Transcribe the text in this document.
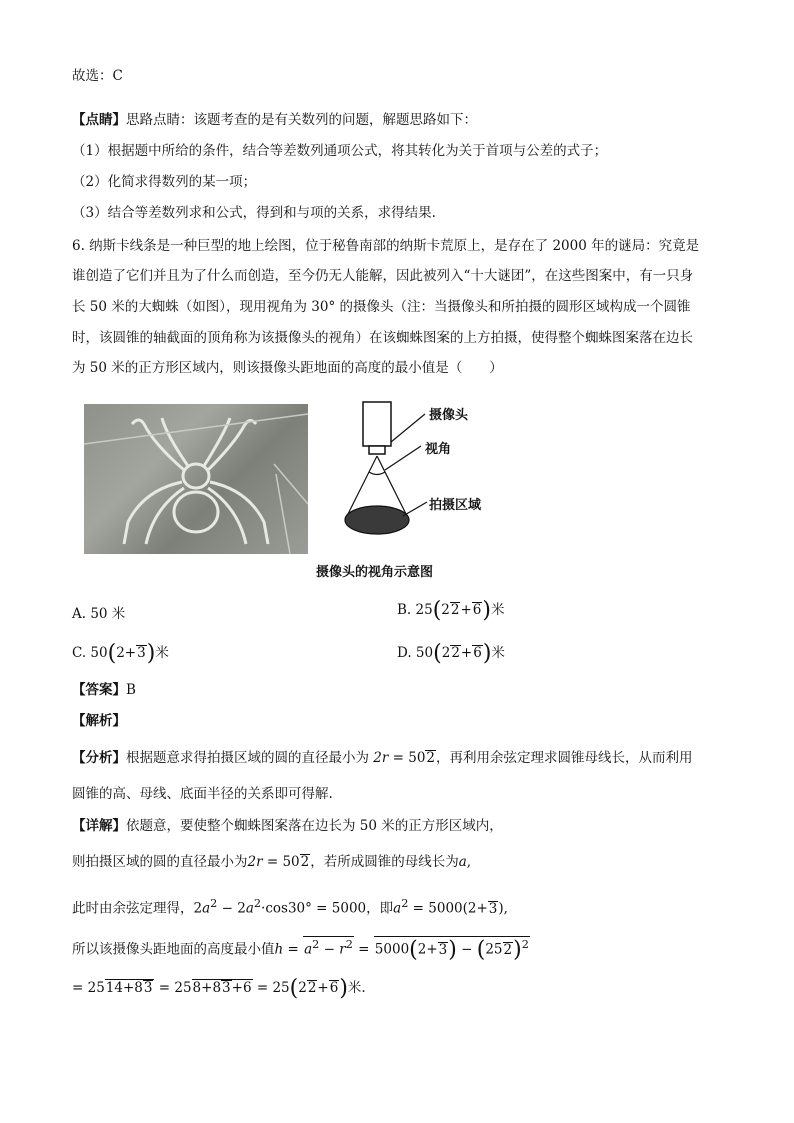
故选：C
【点睛】思路点睛：该题考查的是有关数列的问题，解题思路如下：
（1）根据题中所给的条件，结合等差数列通项公式，将其转化为关于首项与公差的式子；
（2）化简求得数列的某一项；
（3）结合等差数列求和公式，得到和与项的关系，求得结果.
6. 纳斯卡线条是一种巨型的地上绘图，位于秘鲁南部的纳斯卡荒原上，是存在了 2000 年的谜局：究竟是
谁创造了它们并且为了什么而创造，至今仍无人能解，因此被列入“十大谜团”，在这些图案中，有一只身
长 50 米的大蜘蛛（如图），现用视角为 30° 的摄像头（注：当摄像头和所拍摄的圆形区域构成一个圆锥
时，该圆锥的轴截面的顶角称为该摄像头的视角）在该蜘蛛图案的上方拍摄，使得整个蜘蛛图案落在边长
为 50 米的正方形区域内，则该摄像头距地面的高度的最小值是（　　）
摄像头
视角
拍摄区域
摄像头的视角示意图
A. 50 米	B. 25(22+6)米
C. 50(2+3)米	D. 50(22+6)米
【答案】B
【解析】
【分析】根据题意求得拍摄区域的圆的直径最小为 2r = 502，再利用余弦定理求圆锥母线长，从而利用
圆锥的高、母线、底面半径的关系即可得解.
【详解】依题意，要使整个蜘蛛图案落在边长为 50 米的正方形区域内，
则拍摄区域的圆的直径最小为2r = 502，若所成圆锥的母线长为a,
此时由余弦定理得，$2a^2 - 2a^2\cdot\cos 30^\circ = 5000$，即$a^2 = 5000(2+3)$,
所以该摄像头距地面的高度最小值$h = a^2 - r^2 = 5000(2+3) - (252)^2$
= 2514+83 = 258+83+6 = 25(22+6)米.
